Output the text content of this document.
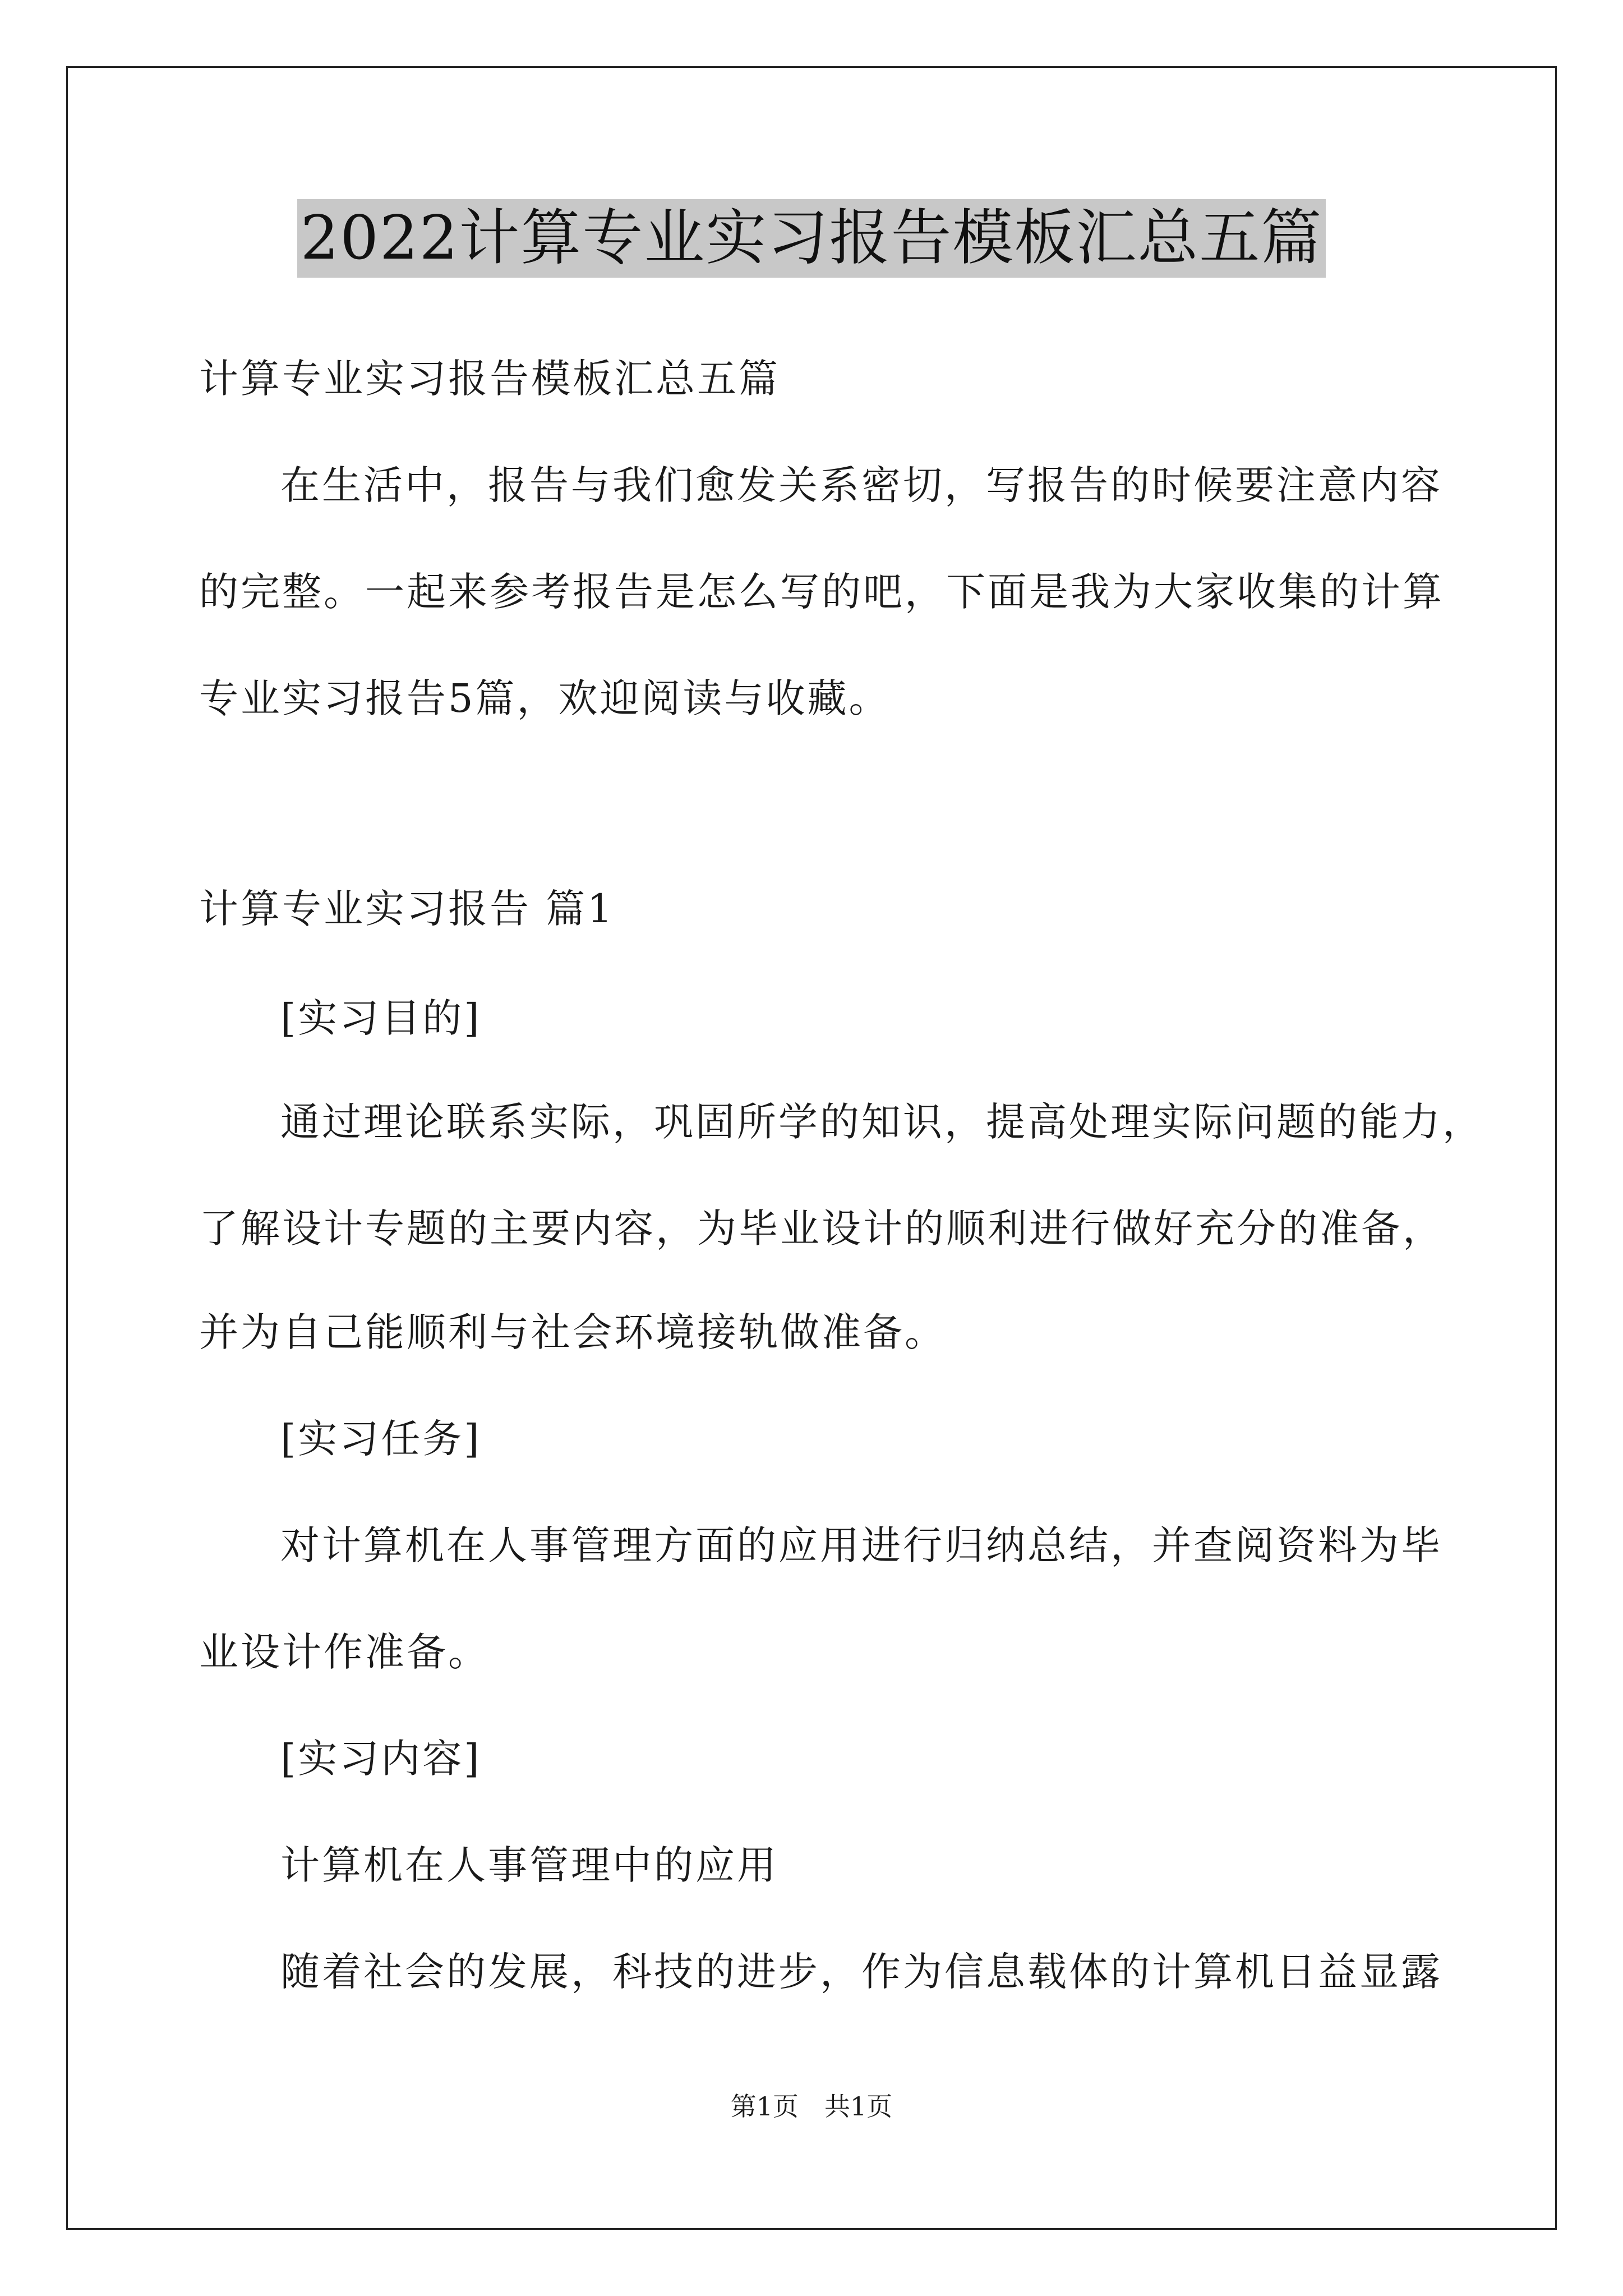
2022计算专业实习报告模板汇总五篇
计算专业实习报告模板汇总五篇
在生活中，报告与我们愈发关系密切，写报告的时候要注意内容
的完整。一起来参考报告是怎么写的吧，下面是我为大家收集的计算
专业实习报告5篇，欢迎阅读与收藏。
计算专业实习报告 篇1
[实习目的]
通过理论联系实际，巩固所学的知识，提高处理实际问题的能力，
了解设计专题的主要内容，为毕业设计的顺利进行做好充分的准备，
并为自己能顺利与社会环境接轨做准备。
[实习任务]
对计算机在人事管理方面的应用进行归纳总结，并查阅资料为毕
业设计作准备。
[实习内容]
计算机在人事管理中的应用
随着社会的发展，科技的进步，作为信息载体的计算机日益显露
第1页　共1页
